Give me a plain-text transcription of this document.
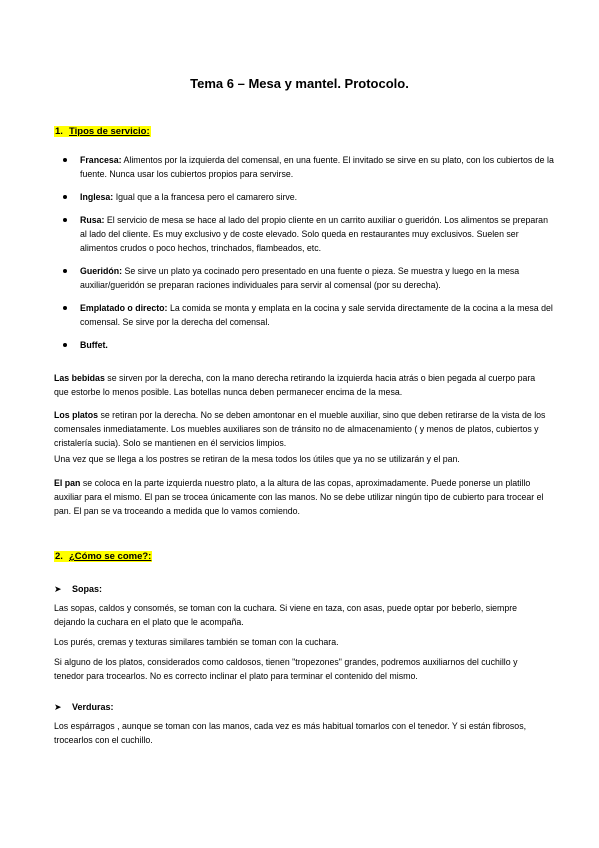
Tema 6 – Mesa y mantel. Protocolo.
1. Tipos de servicio:
Francesa: Alimentos por la izquierda del comensal, en una fuente. El invitado se sirve en su plato, con los cubiertos de la fuente. Nunca usar los cubiertos propios para servirse.
Inglesa: Igual que a la francesa pero el camarero sirve.
Rusa: El servicio de mesa se hace al lado del propio cliente en un carrito auxiliar o gueridón. Los alimentos se preparan al lado del cliente. Es muy exclusivo y de coste elevado. Solo queda en restaurantes muy exclusivos. Suelen ser alimentos crudos o poco hechos, trinchados, flambeados, etc.
Gueridón: Se sirve un plato ya cocinado pero presentado en una fuente o pieza. Se muestra y luego en la mesa auxiliar/gueridón se preparan raciones individuales para servir al comensal (por su derecha).
Emplatado o directo: La comida se monta y emplata en la cocina y sale servida directamente de la cocina a la mesa del comensal. Se sirve por la derecha del comensal.
Buffet.

Las bebidas se sirven por la derecha, con la mano derecha retirando la izquierda hacia atrás o bien pegada al cuerpo para que estorbe lo menos posible. Las botellas nunca deben permanecer encima de la mesa.

Los platos se retiran por la derecha. No se deben amontonar en el mueble auxiliar, sino que deben retirarse de la vista de los comensales inmediatamente. Los muebles auxiliares son de tránsito no de almacenamiento ( y menos de platos, cubiertos y cristalería sucia). Solo se mantienen en él servicios limpios.

Una vez que se llega a los postres se retiran de la mesa todos los útiles que ya no se utilizarán y el pan.

El pan se coloca en la parte izquierda nuestro plato, a la altura de las copas, aproximadamente. Puede ponerse un platillo auxiliar para el mismo. El pan se trocea únicamente con las manos. No se debe utilizar ningún tipo de cubierto para trocear el pan. El pan se va troceando a medida que lo vamos comiendo.

2. ¿Cómo se come?:
➤ Sopas:

Las sopas, caldos y consomés, se toman con la cuchara. Si viene en taza, con asas, puede optar por beberlo, siempre dejando la cuchara en el plato que le acompaña.

Los purés, cremas y texturas similares también se toman con la cuchara.

Si alguno de los platos, considerados como caldosos, tienen "tropezones" grandes, podremos auxiliarnos del cuchillo y tenedor para trocearlos. No es correcto inclinar el plato para terminar el contenido del mismo.

➤ Verduras:

Los espárragos , aunque se toman con las manos, cada vez es más habitual tomarlos con el tenedor. Y si están fibrosos, trocearlos con el cuchillo.
